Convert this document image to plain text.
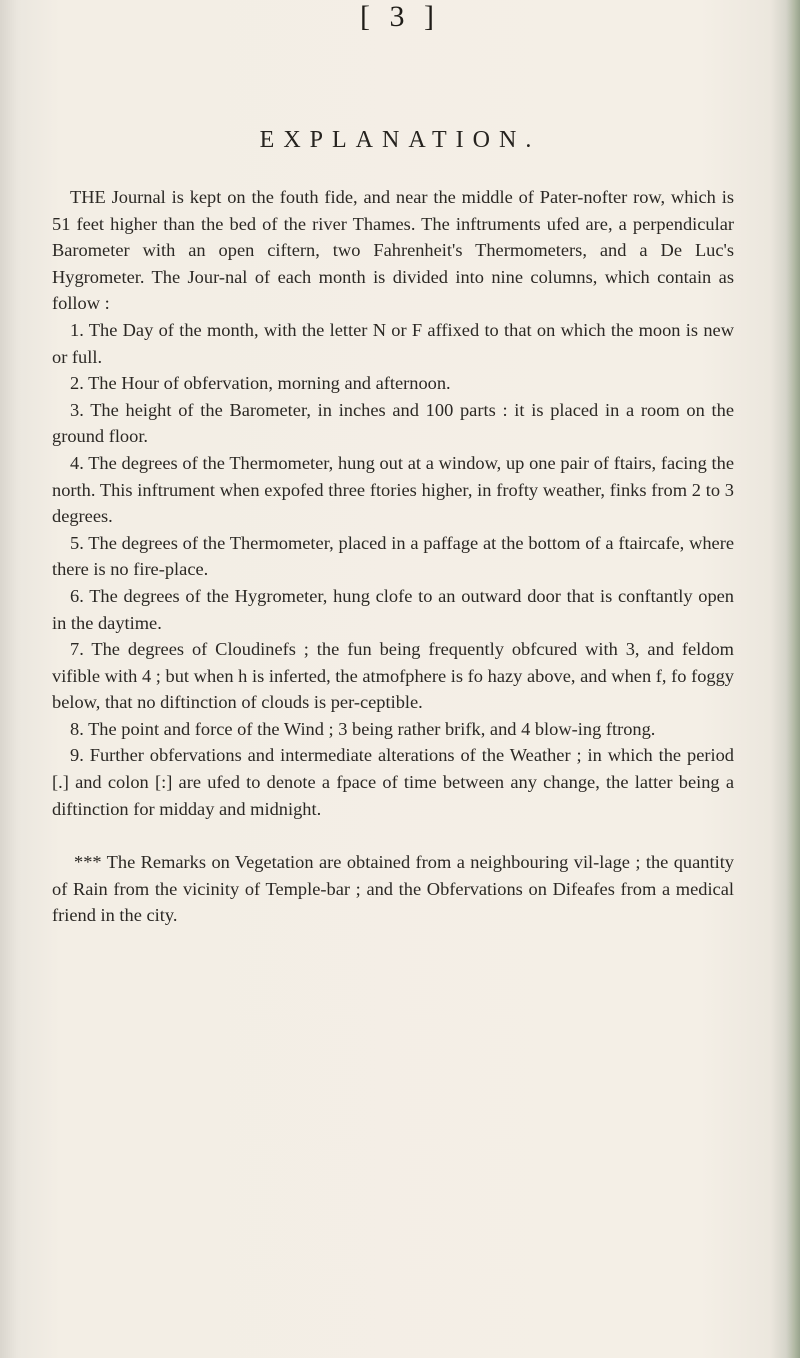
[ 3 ]
EXPLANATION.

THE Journal is kept on the fouth fide, and near the middle of Pater-nofter row, which is 51 feet higher than the bed of the river Thames. The inftruments ufed are, a perpendicular Barometer with an open ciftern, two Fahrenheit's Thermometers, and a De Luc's Hygrometer. The Jour-nal of each month is divided into nine columns, which contain as follow :

1. The Day of the month, with the letter N or F affixed to that on which the moon is new or full.

2. The Hour of obfervation, morning and afternoon.

3. The height of the Barometer, in inches and 100 parts : it is placed in a room on the ground floor.

4. The degrees of the Thermometer, hung out at a window, up one pair of ftairs, facing the north. This inftrument when expofed three ftories higher, in frofty weather, finks from 2 to 3 degrees.

5. The degrees of the Thermometer, placed in a paffage at the bottom of a ftaircafe, where there is no fire-place.

6. The degrees of the Hygrometer, hung clofe to an outward door that is conftantly open in the daytime.

7. The degrees of Cloudinefs ; the fun being frequently obfcured with 3, and feldom vifible with 4 ; but when h is inferted, the atmofphere is fo hazy above, and when f, fo foggy below, that no diftinction of clouds is per-ceptible.

8. The point and force of the Wind ; 3 being rather brifk, and 4 blow-ing ftrong.

9. Further obfervations and intermediate alterations of the Weather ; in which the period [.] and colon [:] are ufed to denote a fpace of time between any change, the latter being a diftinction for midday and midnight.

*** The Remarks on Vegetation are obtained from a neighbouring vil-lage ; the quantity of Rain from the vicinity of Temple-bar ; and the Obfervations on Difeafes from a medical friend in the city.
